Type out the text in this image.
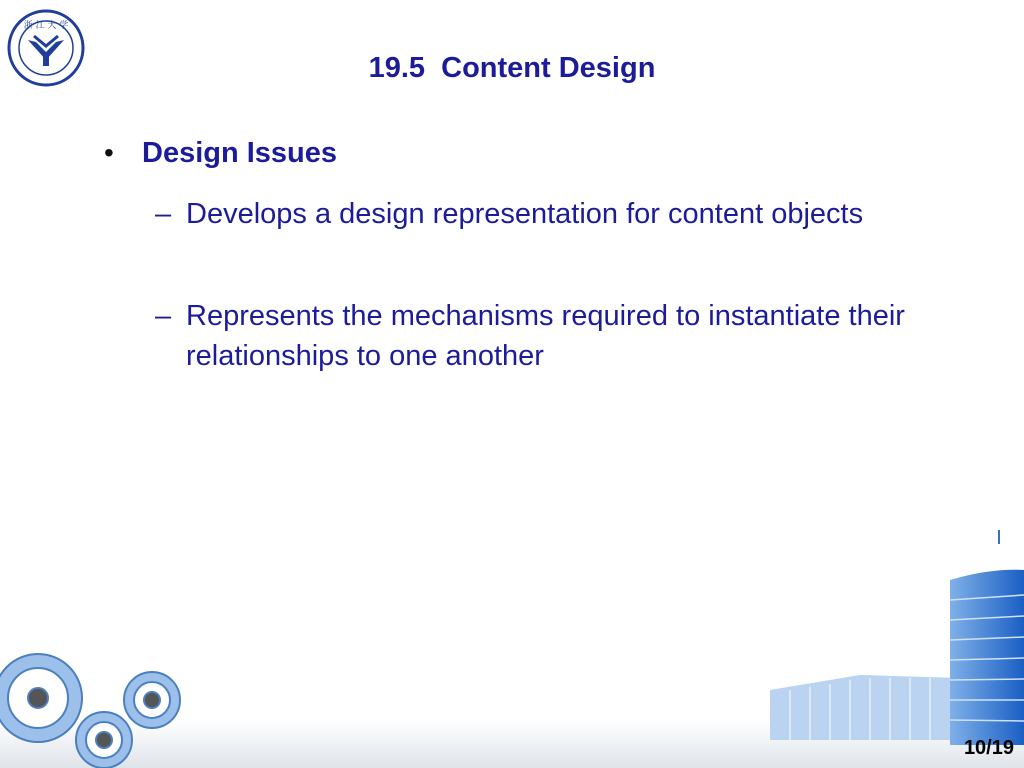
浙 江 大 学
19.5  Content Design
• Design Issues
– Develops a design representation for content objects
– Represents the mechanisms required to instantiate their relationships to one another
10/19
